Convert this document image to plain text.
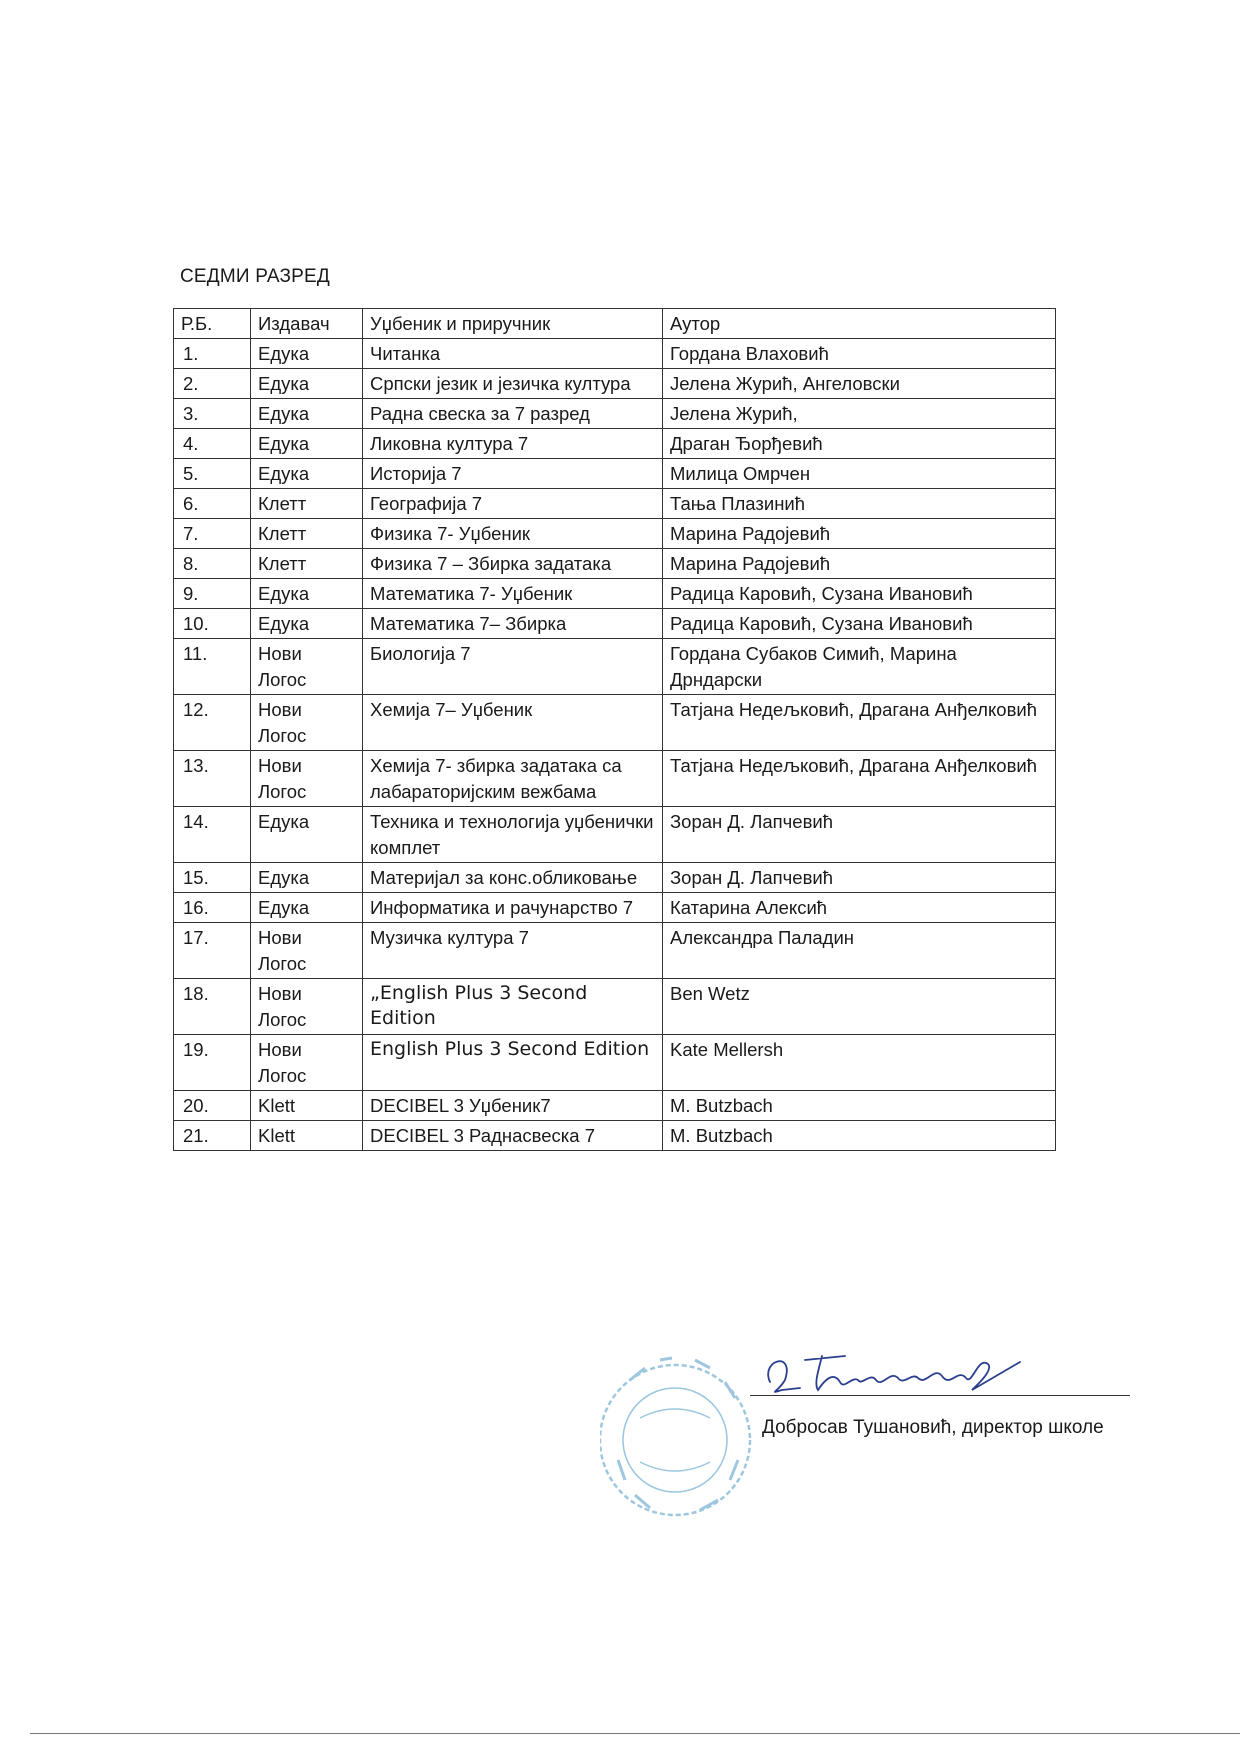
СЕДМИ РАЗРЕД
Р.Б.	Издавач	Уџбеник и приручник	Аутор
1.	Едука	Читанка	Гордана Влаховић
2.	Едука	Српски језик и језичка култура	Јелена Журић, Ангеловски
3.	Едука	Радна свеска за 7 разред	Јелена Журић,
4.	Едука	Ликовна култура 7	Драган Ђорђевић
5.	Едука	Историја 7	Милица Омрчен
6.	Клетт	Географија 7	Тања Плазинић
7.	Клетт	Физика 7- Уџбеник	Марина Радојевић
8.	Клетт	Физика 7 – Збирка задатака	Марина Радојевић
9.	Едука	Математика 7- Уџбеник	Радица Каровић, Сузана Ивановић
10.	Едука	Математика 7– Збирка	Радица Каровић, Сузана Ивановић
11.	Нови Логос	Биологија 7	Гордана Субаков Симић, Марина Дрндарски
12.	Нови Логос	Хемија 7– Уџбеник	Татјана Недељковић, Драгана Анђелковић
13.	Нови Логос	Хемија 7- збирка задатака са лабараторијским вежбама	Татјана Недељковић, Драгана Анђелковић
14.	Едука	Техника и технологија уџбенички комплет	Зоран Д. Лапчевић
15.	Едука	Материјал за конс.обликовање	Зоран Д. Лапчевић
16.	Едука	Информатика и рачунарство 7	Катарина Алексић
17.	Нови Логос	Музичка култура 7	Александра Паладин
18.	Нови Логос	„English Plus 3 Second Edition	Ben Wetz
19.	Нови Логос	English Plus 3 Second Edition	Kate Mellersh
20.	Klett	DECIBEL 3 Уџбеник7	M. Butzbach
21.	Klett	DECIBEL 3 Раднасвеска 7	M. Butzbach
Добросав Тушановић, директор школе
